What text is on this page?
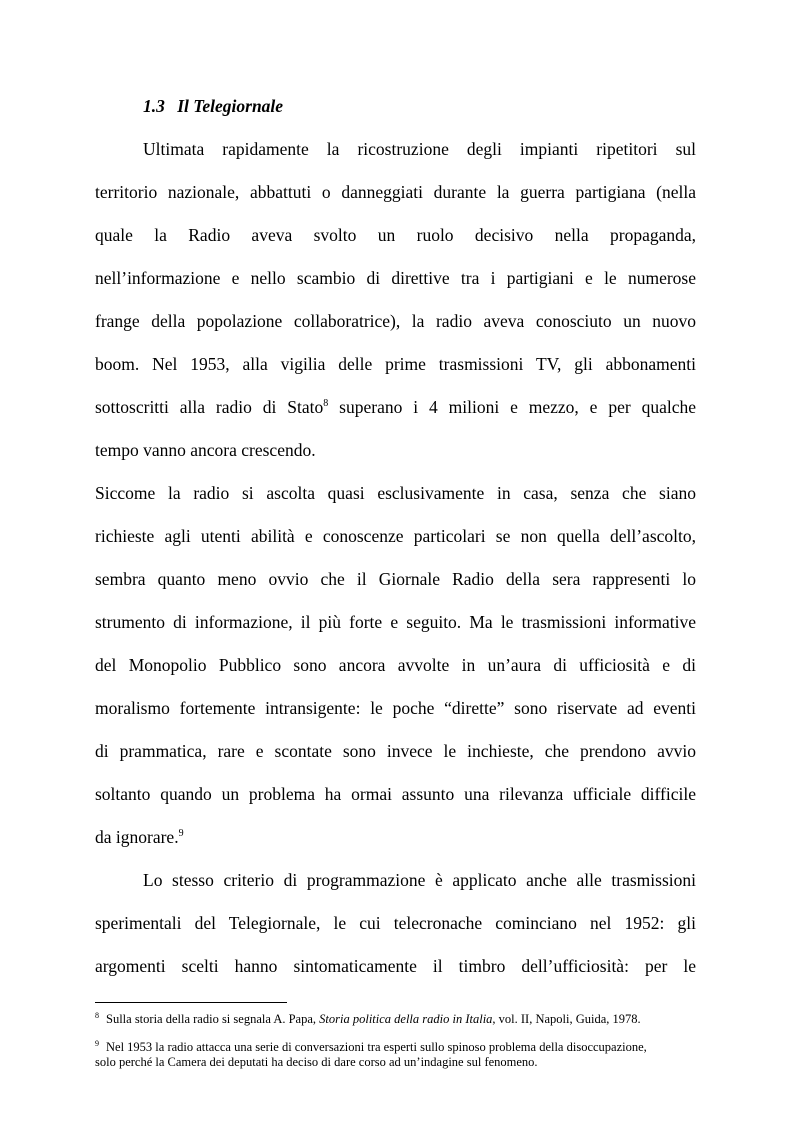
1.3 Il Telegiornale

Ultimata rapidamente la ricostruzione degli impianti ripetitori sul

territorio nazionale, abbattuti o danneggiati durante la guerra partigiana (nella

quale la Radio aveva svolto un ruolo decisivo nella propaganda,

nell’informazione e nello scambio di direttive tra i partigiani e le numerose

frange della popolazione collaboratrice), la radio aveva conosciuto un nuovo

boom. Nel 1953, alla vigilia delle prime trasmissioni TV, gli abbonamenti

sottoscritti alla radio di Stato$^8$ superano i 4 milioni e mezzo, e per qualche

tempo vanno ancora crescendo.

Siccome la radio si ascolta quasi esclusivamente in casa, senza che siano

richieste agli utenti abilità e conoscenze particolari se non quella dell’ascolto,

sembra quanto meno ovvio che il Giornale Radio della sera rappresenti lo

strumento di informazione, il più forte e seguito. Ma le trasmissioni informative

del Monopolio Pubblico sono ancora avvolte in un’aura di ufficiosità e di

moralismo fortemente intransigente: le poche “dirette” sono riservate ad eventi

di prammatica, rare e scontate sono invece le inchieste, che prendono avvio

soltanto quando un problema ha ormai assunto una rilevanza ufficiale difficile

da ignorare.$^9$

Lo stesso criterio di programmazione è applicato anche alle trasmissioni

sperimentali del Telegiornale, le cui telecronache cominciano nel 1952: gli

argomenti scelti hanno sintomaticamente il timbro dell’ufficiosità: per le

$^8$ Sulla storia della radio si segnala A. Papa, Storia politica della radio in Italia, vol. II, Napoli, Guida, 1978.

$^9$ Nel 1953 la radio attacca una serie di conversazioni tra esperti sullo spinoso problema della disoccupazione,
solo perché la Camera dei deputati ha deciso di dare corso ad un’indagine sul fenomeno.
